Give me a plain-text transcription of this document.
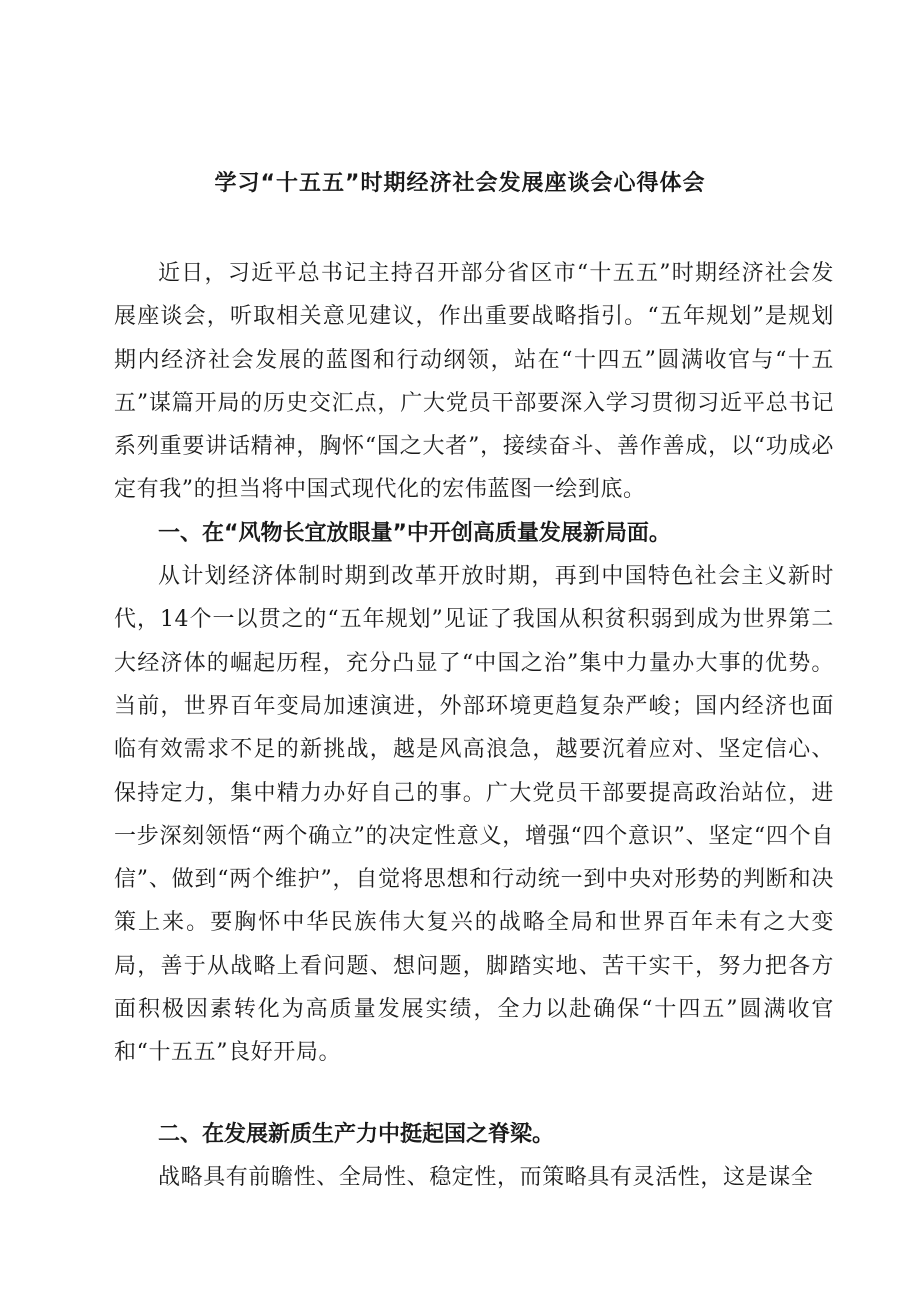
学习“十五五”时期经济社会发展座谈会心得体会

近日，习近平总书记主持召开部分省区市“十五五”时期经济社会发展座谈会，听取相关意见建议，作出重要战略指引。“五年规划”是规划期内经济社会发展的蓝图和行动纲领，站在“十四五”圆满收官与“十五五”谋篇开局的历史交汇点，广大党员干部要深入学习贯彻习近平总书记系列重要讲话精神，胸怀“国之大者”，接续奋斗、善作善成，以“功成必定有我”的担当将中国式现代化的宏伟蓝图一绘到底。

一、在“风物长宜放眼量”中开创高质量发展新局面。

从计划经济体制时期到改革开放时期，再到中国特色社会主义新时代，14个一以贯之的“五年规划”见证了我国从积贫积弱到成为世界第二大经济体的崛起历程，充分凸显了“中国之治”集中力量办大事的优势。当前，世界百年变局加速演进，外部环境更趋复杂严峻；国内经济也面临有效需求不足的新挑战，越是风高浪急，越要沉着应对、坚定信心、保持定力，集中精力办好自己的事。广大党员干部要提高政治站位，进一步深刻领悟“两个确立”的决定性意义，增强“四个意识”、坚定“四个自信”、做到“两个维护”，自觉将思想和行动统一到中央对形势的判断和决策上来。要胸怀中华民族伟大复兴的战略全局和世界百年未有之大变局，善于从战略上看问题、想问题，脚踏实地、苦干实干，努力把各方面积极因素转化为高质量发展实绩，全力以赴确保“十四五”圆满收官和“十五五”良好开局。

二、在发展新质生产力中挺起国之脊梁。

战略具有前瞻性、全局性、稳定性，而策略具有灵活性，这是谋全
